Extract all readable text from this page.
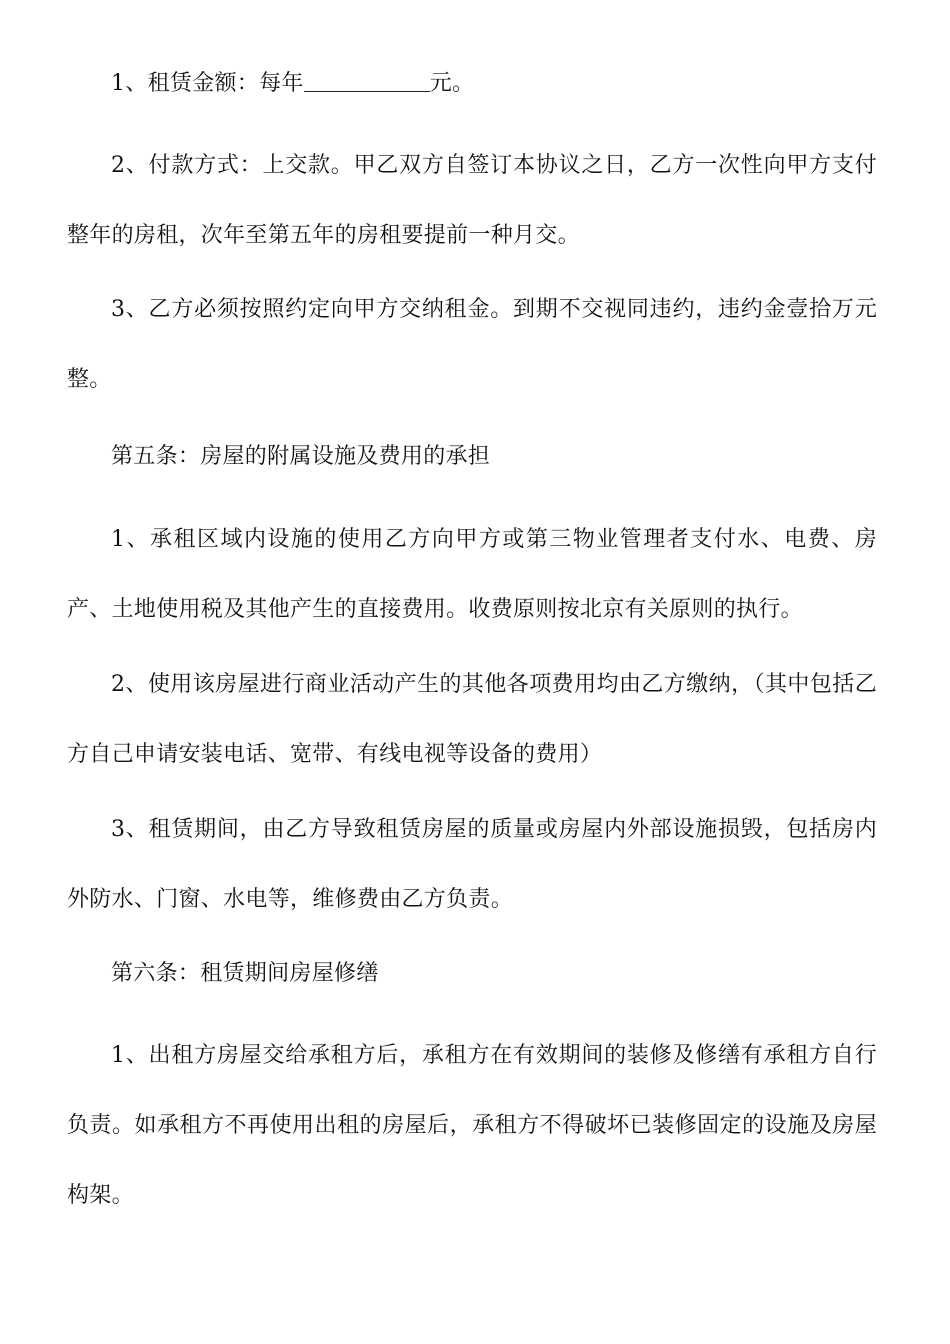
1、租赁金额：每年	元。

2、付款方式：上交款。甲乙双方自签订本协议之日，乙方一次性向甲方支付整年的房租，次年至第五年的房租要提前一种月交。

3、乙方必须按照约定向甲方交纳租金。到期不交视同违约，违约金壹拾万元整。

第五条：房屋的附属设施及费用的承担

1、承租区域内设施的使用乙方向甲方或第三物业管理者支付水、电费、房产、土地使用税及其他产生的直接费用。收费原则按北京有关原则的执行。

2、使用该房屋进行商业活动产生的其他各项费用均由乙方缴纳，（其中包括乙方自己申请安装电话、宽带、有线电视等设备的费用）

3、租赁期间，由乙方导致租赁房屋的质量或房屋内外部设施损毁，包括房内外防水、门窗、水电等，维修费由乙方负责。

第六条：租赁期间房屋修缮

1、出租方房屋交给承租方后，承租方在有效期间的装修及修缮有承租方自行负责。如承租方不再使用出租的房屋后，承租方不得破坏已装修固定的设施及房屋构架。
